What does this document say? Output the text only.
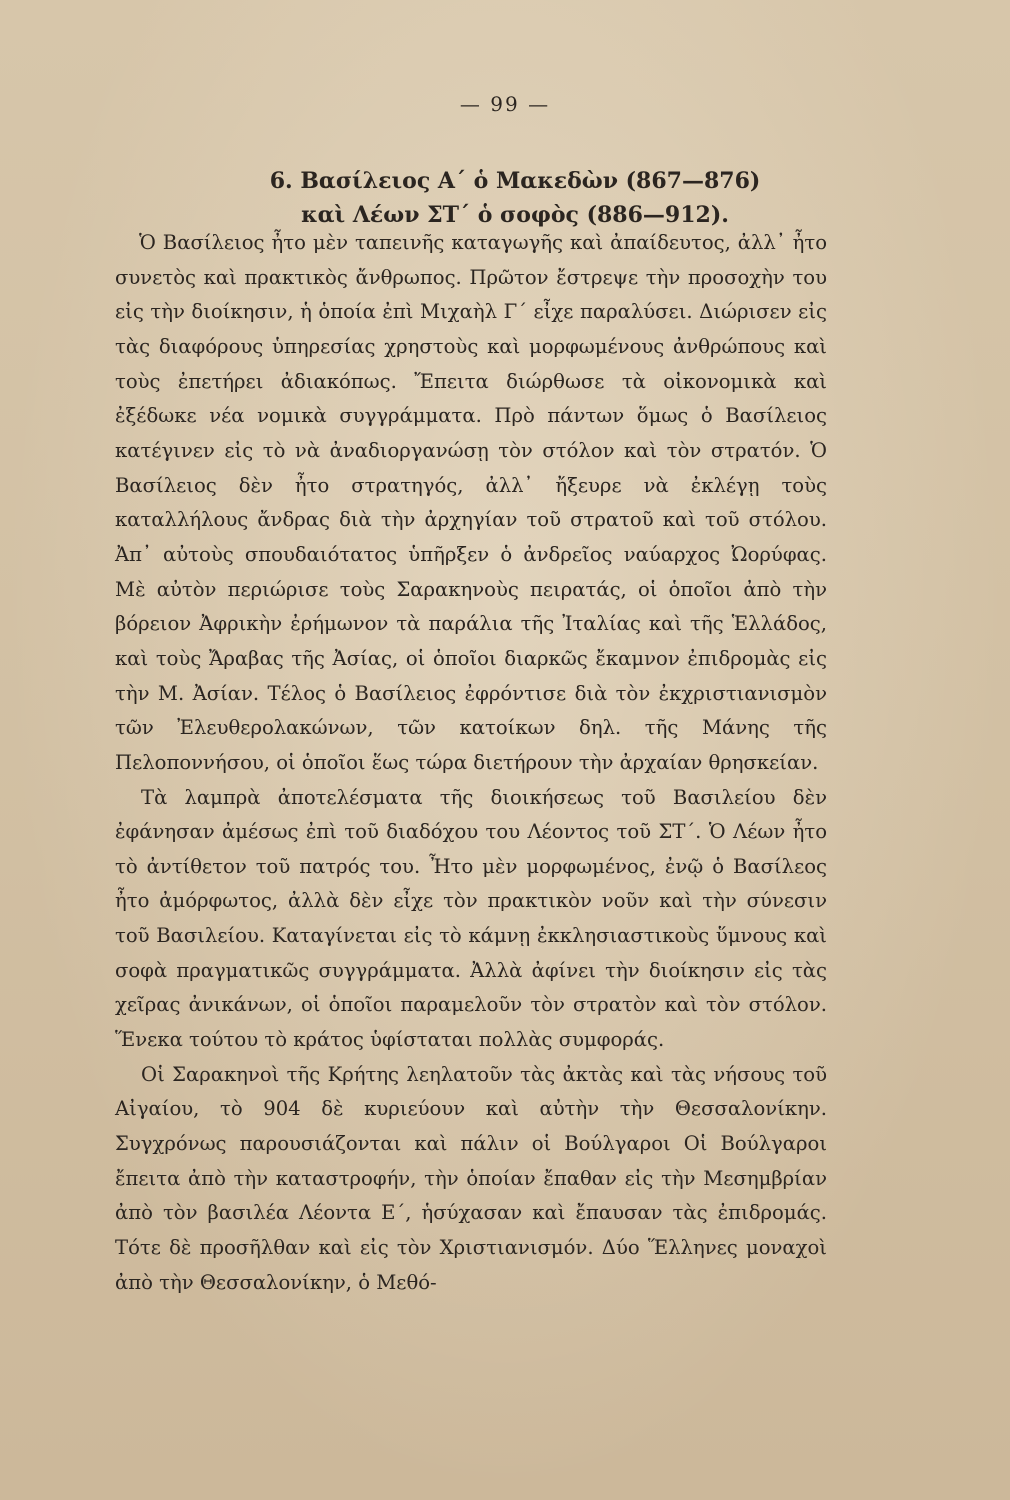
— 99 —
6. Βασίλειος Α΄ ὁ Μακεδὼν (867—876)
καὶ Λέων ΣΤ΄ ὁ σοφὸς (886—912).

Ὁ Βασίλειος ἦτο μὲν ταπεινῆς καταγωγῆς καὶ ἀπαίδευτος, ἀλλ᾽ ἦτο συνετὸς καὶ πρακτικὸς ἄνθρωπος. Πρῶτον ἔστρεψε τὴν προσοχὴν του εἰς τὴν διοίκησιν, ἡ ὁποία ἐπὶ Μιχαὴλ Γ΄ εἶχε παραλύσει. Διώρισεν εἰς τὰς διαφόρους ὑπηρεσίας χρηστοὺς καὶ μορφωμένους ἀνθρώπους καὶ τοὺς ἐπετήρει ἀδιακόπως. Ἔπειτα διώρθωσε τὰ οἰκονομικὰ καὶ ἐξέδωκε νέα νομικὰ συγγράμματα. Πρὸ πάντων ὅμως ὁ Βασίλειος κατέγινεν εἰς τὸ νὰ ἀναδιοργανώσῃ τὸν στόλον καὶ τὸν στρατόν. Ὁ Βασίλειος δὲν ἦτο στρατηγός, ἀλλ᾽ ἤξευρε νὰ ἐκλέγῃ τοὺς καταλλήλους ἄνδρας διὰ τὴν ἀρχηγίαν τοῦ στρατοῦ καὶ τοῦ στόλου. Ἀπ᾽ αὐτοὺς σπουδαιότατος ὑπῆρξεν ὁ ἀνδρεῖος ναύαρχος Ὠορύφας. Μὲ αὐτὸν περιώρισε τοὺς Σαρακηνοὺς πειρατάς, οἱ ὁποῖοι ἀπὸ τὴν βόρειον Ἀφρικὴν ἐρήμωνον τὰ παράλια τῆς Ἰταλίας καὶ τῆς Ἑλλάδος, καὶ τοὺς Ἄραβας τῆς Ἀσίας, οἱ ὁποῖοι διαρκῶς ἔκαμνον ἐπιδρομὰς εἰς τὴν Μ. Ἀσίαν. Τέλος ὁ Βασίλειος ἐφρόντισε διὰ τὸν ἐκχριστιανισμὸν τῶν Ἐλευθερολακώνων, τῶν κατοίκων δηλ. τῆς Μάνης τῆς Πελοποννήσου, οἱ ὁποῖοι ἕως τώρα διετήρουν τὴν ἀρχαίαν θρησκείαν.

Τὰ λαμπρὰ ἀποτελέσματα τῆς διοικήσεως τοῦ Βασιλείου δὲν ἐφάνησαν ἀμέσως ἐπὶ τοῦ διαδόχου του Λέοντος τοῦ ΣΤ΄. Ὁ Λέων ἦτο τὸ ἀντίθετον τοῦ πατρός του. Ἦτο μὲν μορφωμένος, ἐνῷ ὁ Βασίλεος ἦτο ἀμόρφωτος, ἀλλὰ δὲν εἶχε τὸν πρακτικὸν νοῦν καὶ τὴν σύνεσιν τοῦ Βασιλείου. Καταγίνεται εἰς τὸ κάμνῃ ἐκκλησιαστικοὺς ὕμνους καὶ σοφὰ πραγματικῶς συγγράμματα. Ἀλλὰ ἀφίνει τὴν διοίκησιν εἰς τὰς χεῖρας ἀνικάνων, οἱ ὁποῖοι παραμελοῦν τὸν στρατὸν καὶ τὸν στόλον. Ἕνεκα τούτου τὸ κράτος ὑφίσταται πολλὰς συμφοράς.

Οἱ Σαρακηνοὶ τῆς Κρήτης λεηλατοῦν τὰς ἀκτὰς καὶ τὰς νήσους τοῦ Αἰγαίου, τὸ 904 δὲ κυριεύουν καὶ αὐτὴν τὴν Θεσσαλονίκην. Συγχρόνως παρουσιάζονται καὶ πάλιν οἱ Βούλγαροι Οἱ Βούλγαροι ἔπειτα ἀπὸ τὴν καταστροφήν, τὴν ὁποίαν ἔπαθαν εἰς τὴν Μεσημβρίαν ἀπὸ τὸν βασιλέα Λέοντα Ε΄, ἡσύχασαν καὶ ἔπαυσαν τὰς ἐπιδρομάς. Τότε δὲ προσῆλθαν καὶ εἰς τὸν Χριστιανισμόν. Δύο Ἕλληνες μοναχοὶ ἀπὸ τὴν Θεσσαλονίκην, ὁ Μεθό-
